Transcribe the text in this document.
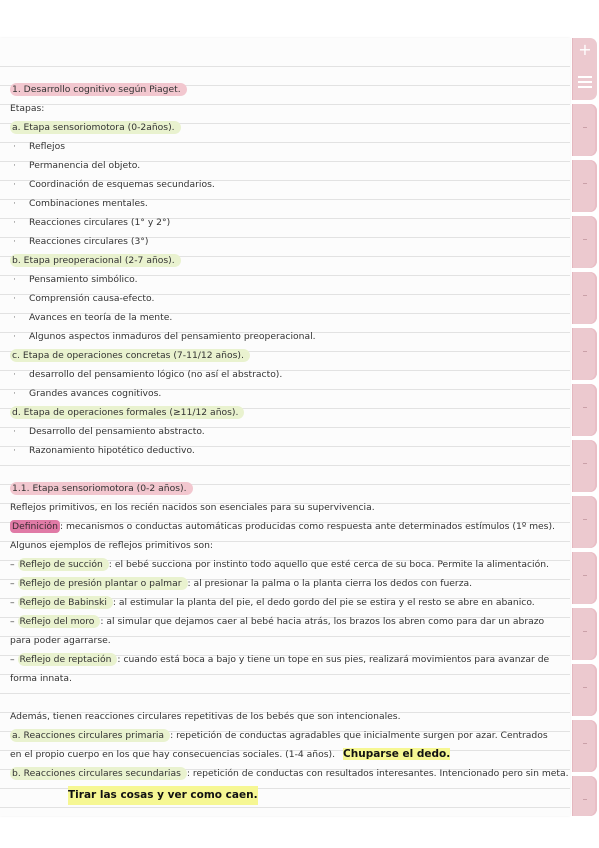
+
1. Desarrollo cognitivo según Piaget.
Etapas:
a. Etapa sensoriomotora (0-2años).
· Reflejos
· Permanencia del objeto.
· Coordinación de esquemas secundarios.
· Combinaciones mentales.
· Reacciones circulares (1° y 2°)
· Reacciones circulares (3°)
b. Etapa preoperacional (2-7 años).
· Pensamiento simbólico.
· Comprensión causa-efecto.
· Avances en teoría de la mente.
· Algunos aspectos inmaduros del pensamiento preoperacional.
c. Etapa de operaciones concretas (7-11/12 años).
· desarrollo del pensamiento lógico (no así el abstracto).
· Grandes avances cognitivos.
d. Etapa de operaciones formales (≥11/12 años).
· Desarrollo del pensamiento abstracto.
· Razonamiento hipotético deductivo.
1.1. Etapa sensoriomotora (0-2 años).
Reflejos primitivos, en los recién nacidos son esenciales para su supervivencia.
Definición : mecanismos o conductas automáticas producidas como respuesta ante determinados estímulos (1º mes).
Algunos ejemplos de reflejos primitivos son:
– Reflejo de succión : el bebé succiona por instinto todo aquello que esté cerca de su boca. Permite la alimentación.
– Reflejo de presión plantar o palmar : al presionar la palma o la planta cierra los dedos con fuerza.
– Reflejo de Babinski : al estimular la planta del pie, el dedo gordo del pie se estira y el resto se abre en abanico.
– Reflejo del moro : al simular que dejamos caer al bebé hacia atrás, los brazos los abren como para dar un abrazo para poder agarrarse.
– Reflejo de reptación : cuando está boca a bajo y tiene un tope en sus pies, realizará movimientos para avanzar de forma innata.
Además, tienen reacciones circulares repetitivas de los bebés que son intencionales.
a. Reacciones circulares primaria : repetición de conductas agradables que inicialmente surgen por azar. Centrados en el propio cuerpo en los que hay consecuencias sociales. (1-4 años). Chuparse el dedo.
b. Reacciones circulares secundarias : repetición de conductas con resultados interesantes. Intencionado pero sin meta.
Tirar las cosas y ver como caen.
